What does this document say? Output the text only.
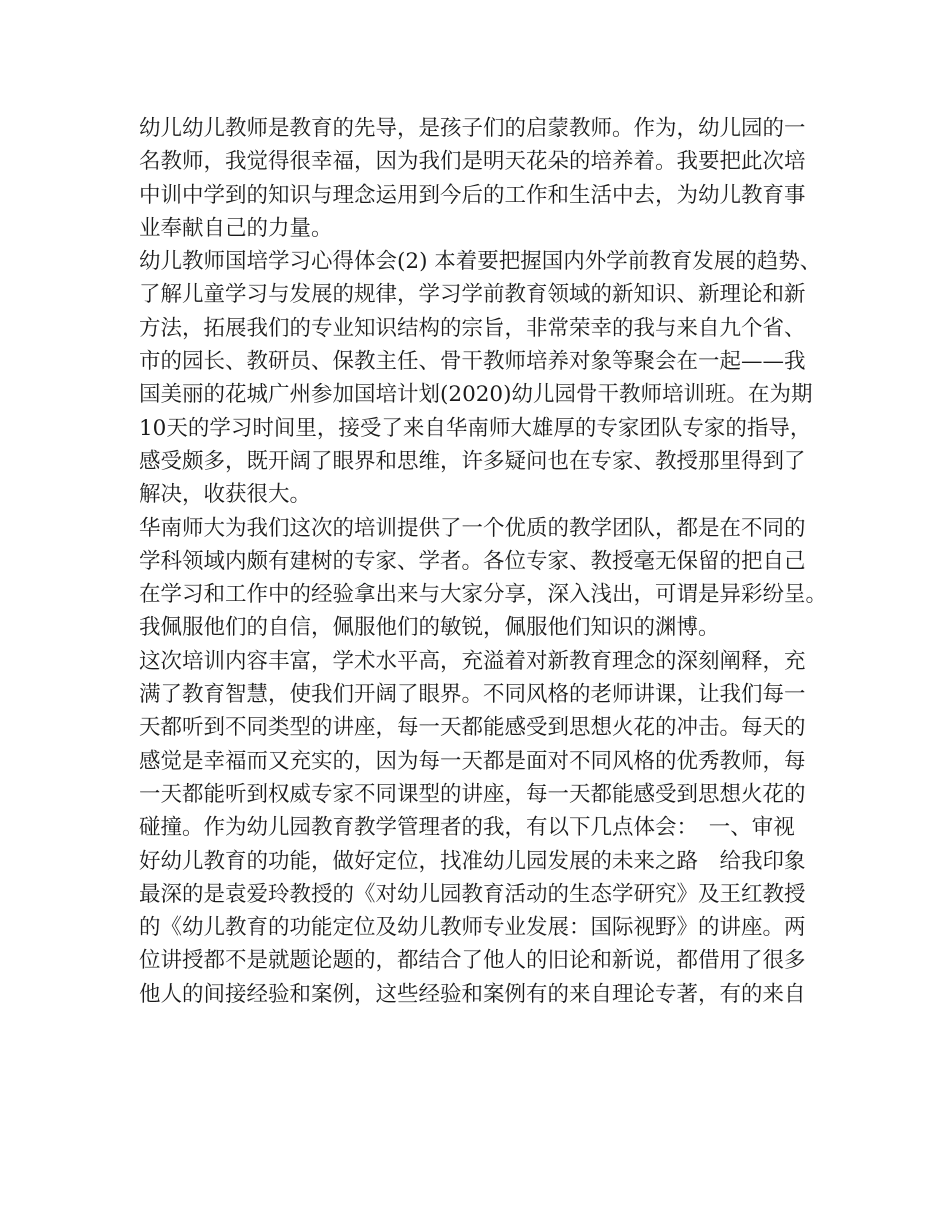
幼儿幼儿教师是教育的先导，是孩子们的启蒙教师。作为，幼儿园的一
名教师，我觉得很幸福，因为我们是明天花朵的培养着。我要把此次培
中训中学到的知识与理念运用到今后的工作和生活中去，为幼儿教育事
业奉献自己的力量。
幼儿教师国培学习心得体会(2) 本着要把握国内外学前教育发展的趋势、
了解儿童学习与发展的规律，学习学前教育领域的新知识、新理论和新
方法，拓展我们的专业知识结构的宗旨，非常荣幸的我与来自九个省、
市的园长、教研员、保教主任、骨干教师培养对象等聚会在一起——我
国美丽的花城广州参加国培计划(2020)幼儿园骨干教师培训班。在为期
10天的学习时间里，接受了来自华南师大雄厚的专家团队专家的指导，
感受颇多，既开阔了眼界和思维，许多疑问也在专家、教授那里得到了
解决，收获很大。
华南师大为我们这次的培训提供了一个优质的教学团队，都是在不同的
学科领域内颇有建树的专家、学者。各位专家、教授毫无保留的把自己
在学习和工作中的经验拿出来与大家分享，深入浅出，可谓是异彩纷呈。
我佩服他们的自信，佩服他们的敏锐，佩服他们知识的渊博。
这次培训内容丰富，学术水平高，充溢着对新教育理念的深刻阐释，充
满了教育智慧，使我们开阔了眼界。不同风格的老师讲课，让我们每一
天都听到不同类型的讲座，每一天都能感受到思想火花的冲击。每天的
感觉是幸福而又充实的，因为每一天都是面对不同风格的优秀教师，每
一天都能听到权威专家不同课型的讲座，每一天都能感受到思想火花的
碰撞。作为幼儿园教育教学管理者的我，有以下几点体会：　一、审视
好幼儿教育的功能，做好定位，找准幼儿园发展的未来之路　给我印象
最深的是袁爱玲教授的《对幼儿园教育活动的生态学研究》及王红教授
的《幼儿教育的功能定位及幼儿教师专业发展：国际视野》的讲座。两
位讲授都不是就题论题的，都结合了他人的旧论和新说，都借用了很多
他人的间接经验和案例，这些经验和案例有的来自理论专著，有的来自
